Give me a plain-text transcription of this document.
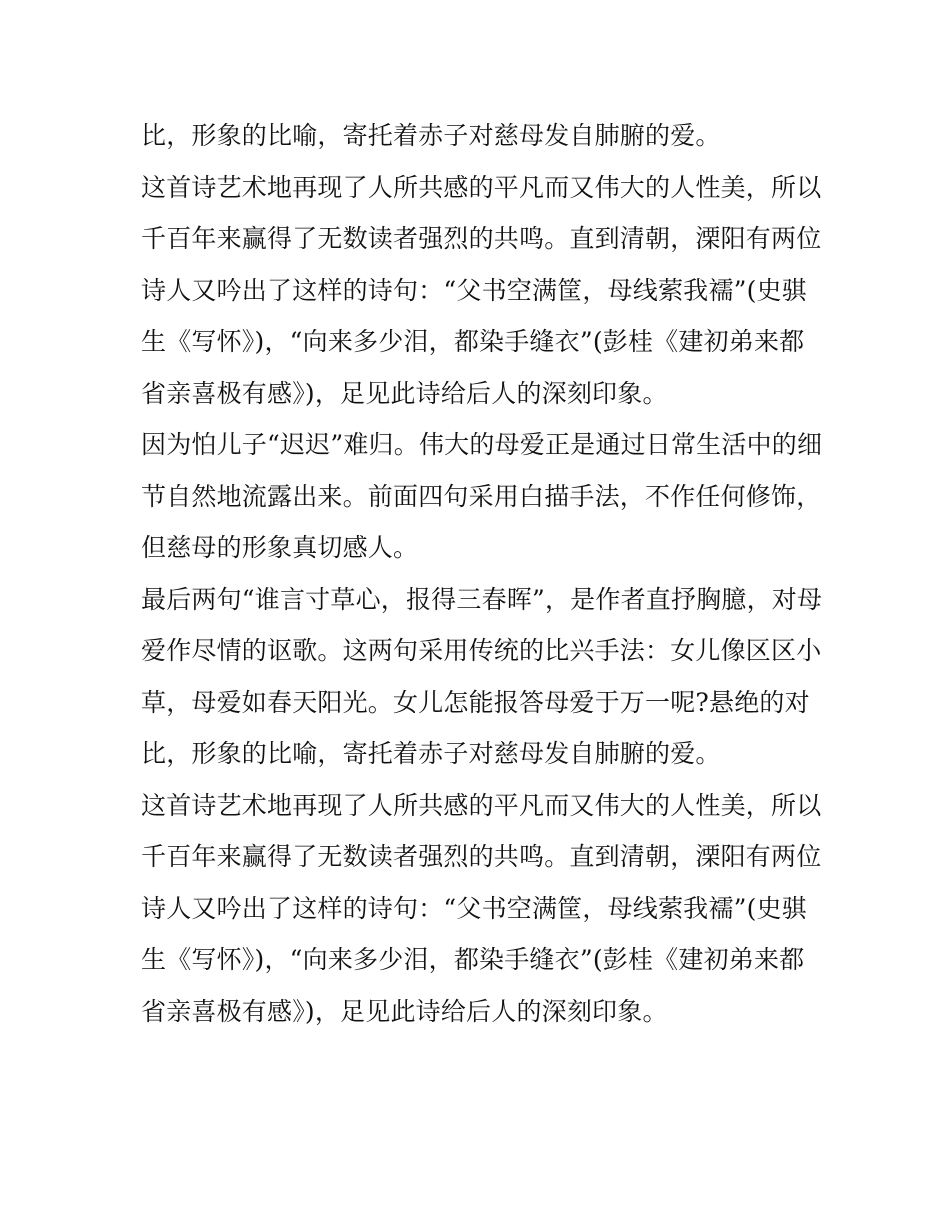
比，形象的比喻，寄托着赤子对慈母发自肺腑的爱。
这首诗艺术地再现了人所共感的平凡而又伟大的人性美，所以
千百年来赢得了无数读者强烈的共鸣。直到清朝，溧阳有两位
诗人又吟出了这样的诗句：“父书空满筐，母线萦我襦”(史骐
生《写怀》)，“向来多少泪，都染手缝衣”(彭桂《建初弟来都
省亲喜极有感》)，足见此诗给后人的深刻印象。
因为怕儿子“迟迟”难归。伟大的母爱正是通过日常生活中的细
节自然地流露出来。前面四句采用白描手法，不作任何修饰，
但慈母的形象真切感人。
最后两句“谁言寸草心，报得三春晖”，是作者直抒胸臆，对母
爱作尽情的讴歌。这两句采用传统的比兴手法：女儿像区区小
草，母爱如春天阳光。女儿怎能报答母爱于万一呢?悬绝的对
比，形象的比喻，寄托着赤子对慈母发自肺腑的爱。
这首诗艺术地再现了人所共感的平凡而又伟大的人性美，所以
千百年来赢得了无数读者强烈的共鸣。直到清朝，溧阳有两位
诗人又吟出了这样的诗句：“父书空满筐，母线萦我襦”(史骐
生《写怀》)，“向来多少泪，都染手缝衣”(彭桂《建初弟来都
省亲喜极有感》)，足见此诗给后人的深刻印象。
